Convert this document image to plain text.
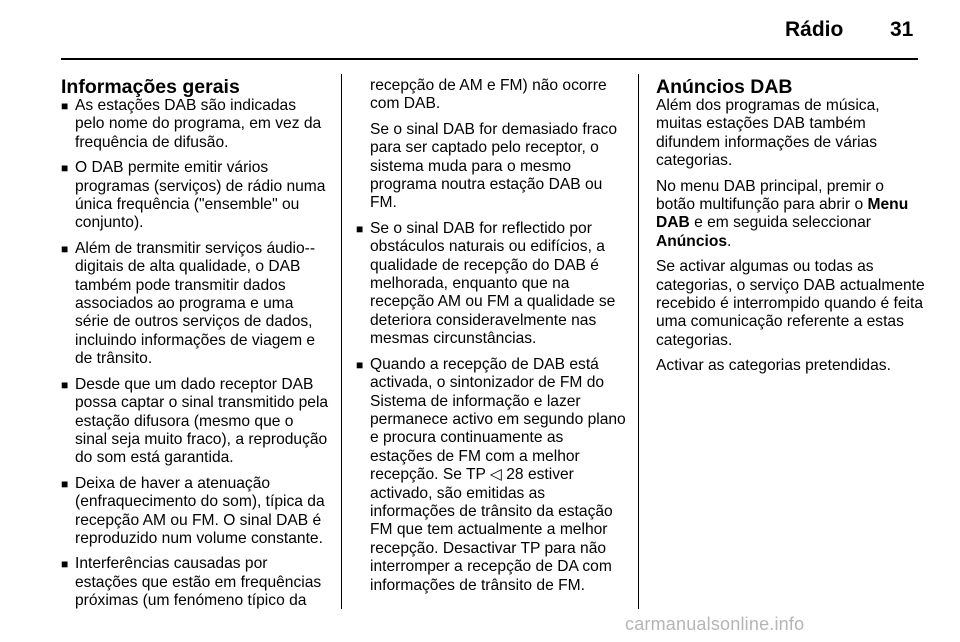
Rádio 31
Informações gerais
■ As estações DAB são indicadas pelo nome do programa, em vez da frequência de difusão.
■ O DAB permite emitir vários programas (serviços) de rádio numa única frequência ("ensemble" ou conjunto).
■ Além de transmitir serviços áudio--digitais de alta qualidade, o DAB também pode transmitir dados associados ao programa e uma série de outros serviços de dados, incluindo informações de viagem e de trânsito.
■ Desde que um dado receptor DAB possa captar o sinal transmitido pela estação difusora (mesmo que o sinal seja muito fraco), a reprodução do som está garantida.
■ Deixa de haver a atenuação (enfraquecimento do som), típica da recepção AM ou FM. O sinal DAB é reproduzido num volume constante.
■ Interferências causadas por estações que estão em frequências próximas (um fenómeno típico da
recepção de AM e FM) não ocorre com DAB.
Se o sinal DAB for demasiado fraco para ser captado pelo receptor, o sistema muda para o mesmo programa noutra estação DAB ou FM.
■ Se o sinal DAB for reflectido por obstáculos naturais ou edifícios, a qualidade de recepção do DAB é melhorada, enquanto que na recepção AM ou FM a qualidade se deteriora consideravelmente nas mesmas circunstâncias.
■ Quando a recepção de DAB está activada, o sintonizador de FM do Sistema de informação e lazer permanece activo em segundo plano e procura continuamente as estações de FM com a melhor recepção. Se TP ◁ 28 estiver activado, são emitidas as informações de trânsito da estação FM que tem actualmente a melhor recepção. Desactivar TP para não interromper a recepção de DA com informações de trânsito de FM.
Anúncios DAB

Além dos programas de música, muitas estações DAB também difundem informações de várias categorias.

No menu DAB principal, premir o botão multifunção para abrir o Menu DAB e em seguida seleccionar Anúncios.

Se activar algumas ou todas as categorias, o serviço DAB actualmente recebido é interrompido quando é feita uma comunicação referente a estas categorias.

Activar as categorias pretendidas.

carmanualsonline.info
